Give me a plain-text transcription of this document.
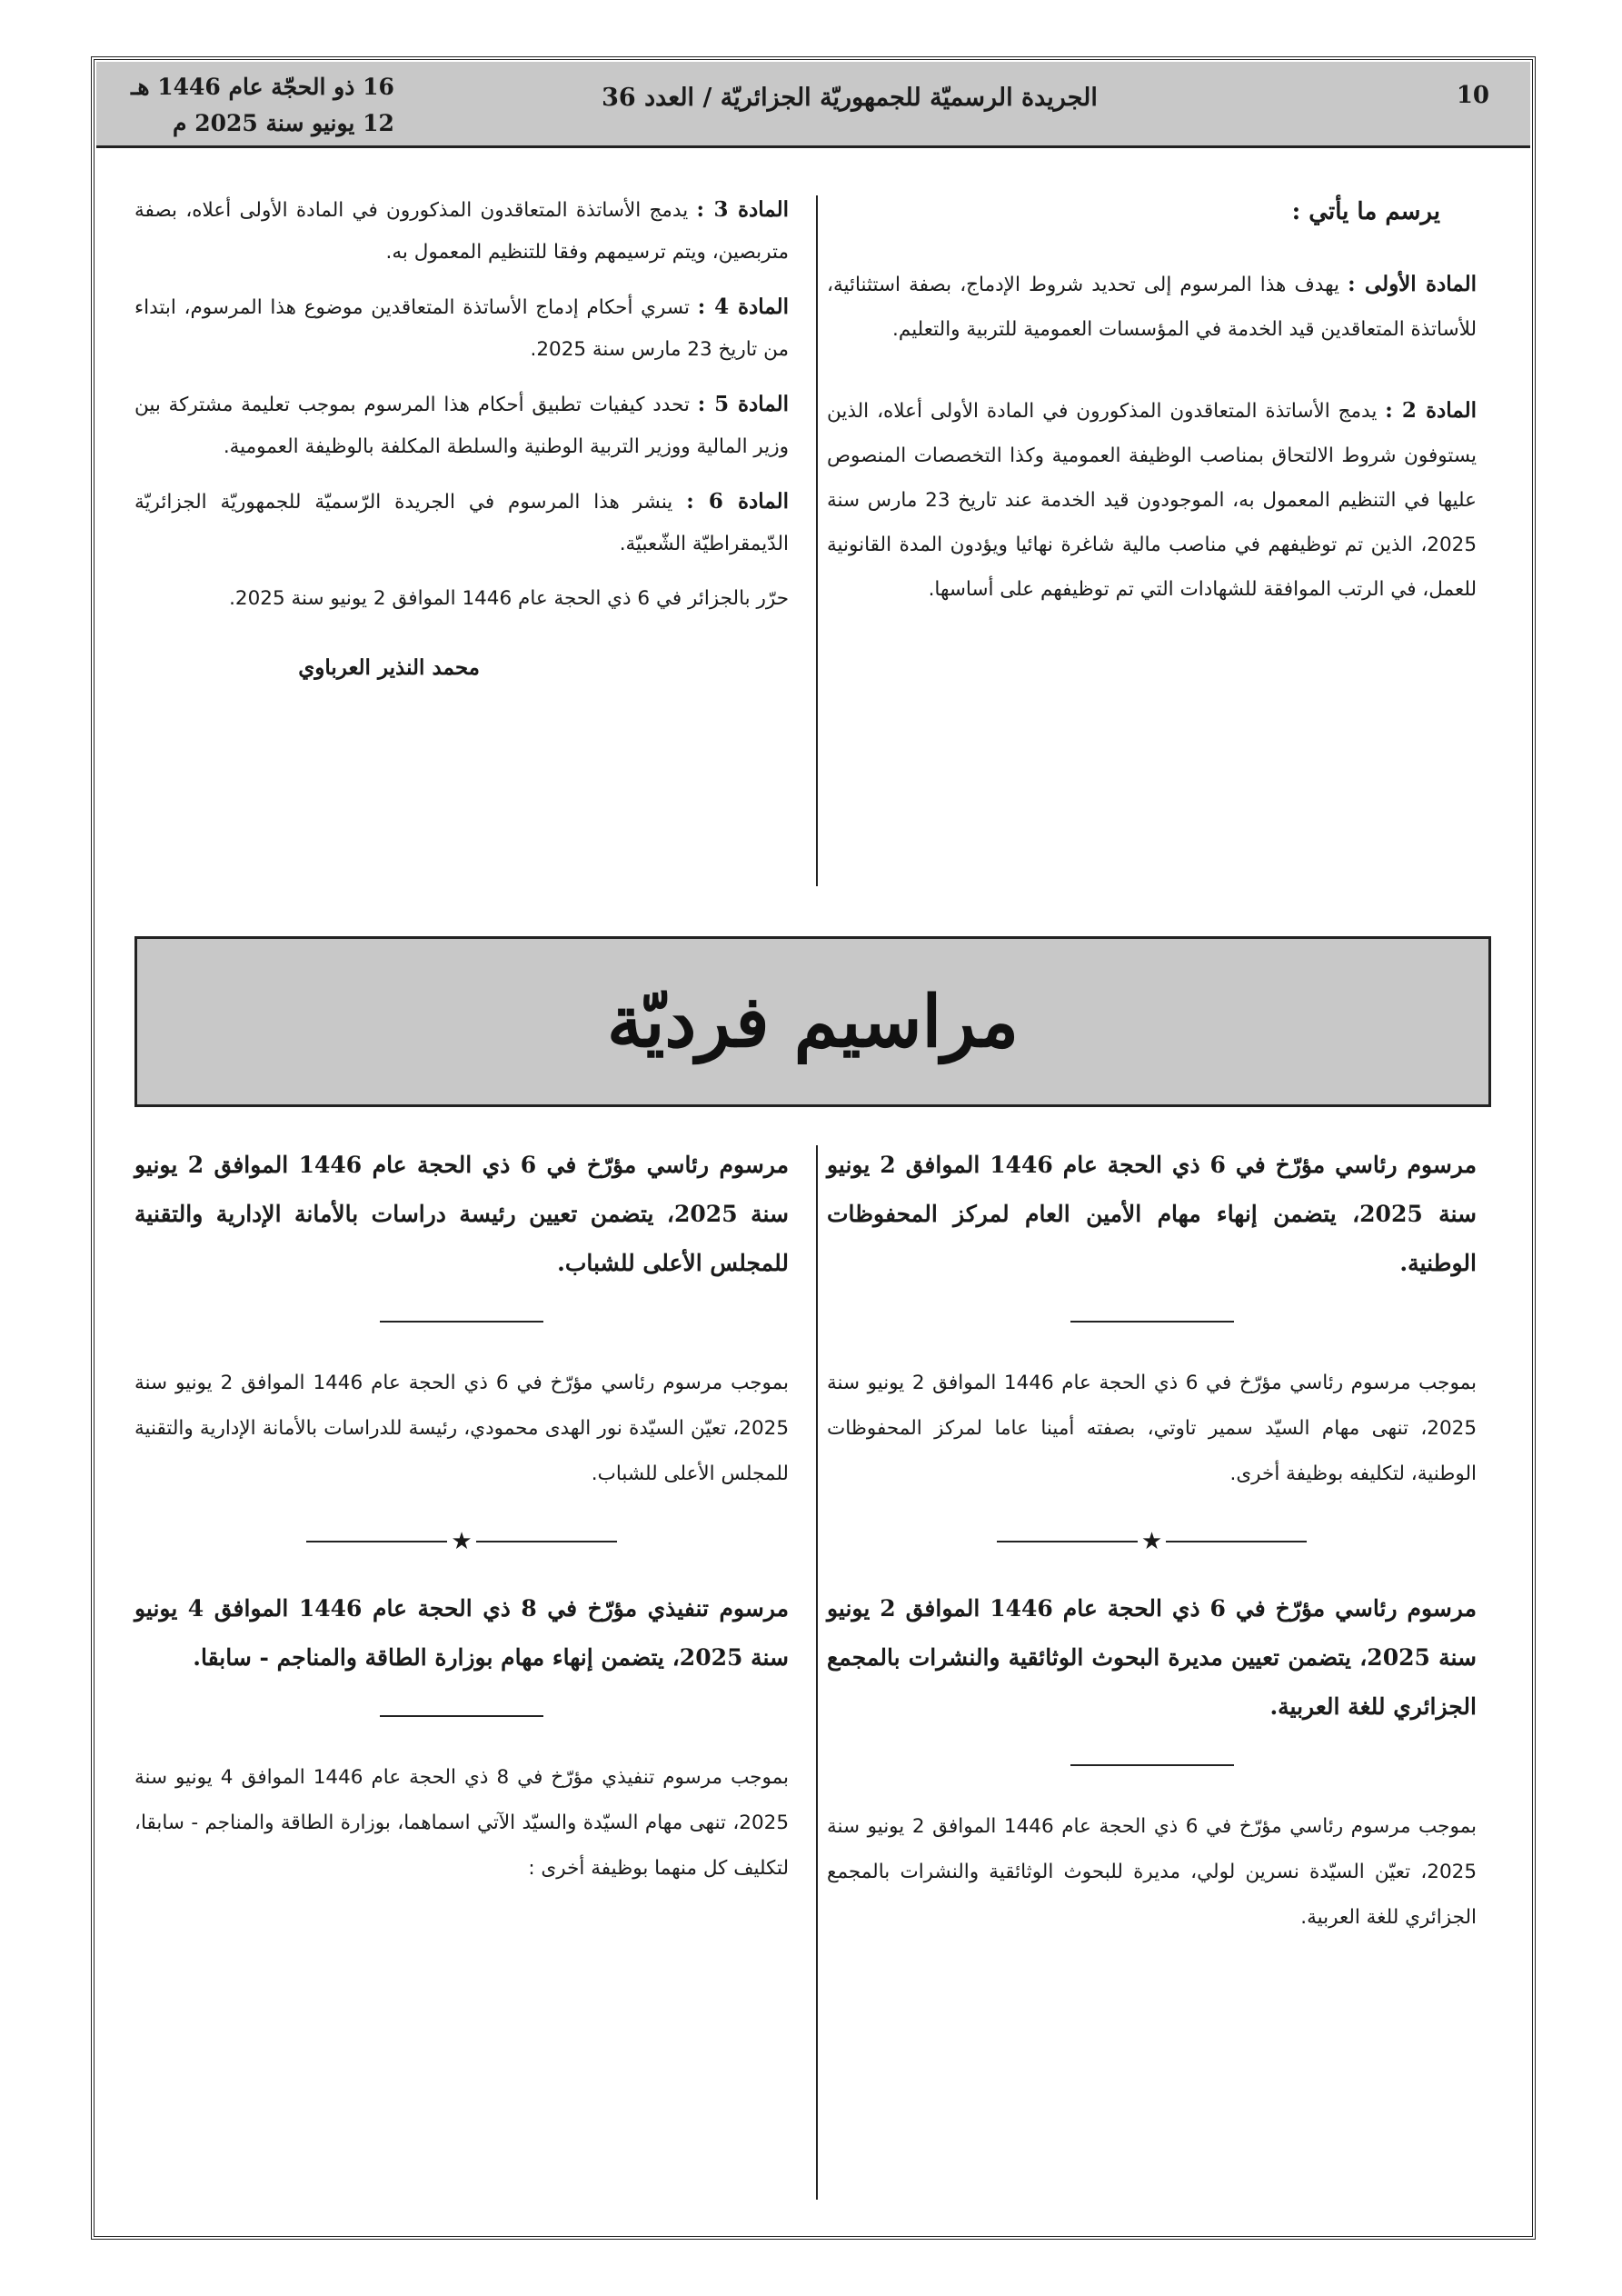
10
الجريدة الرسميّة للجمهوريّة الجزائريّة / العدد 36
16 ذو الحجّة عام 1446 هـ
12 يونيو سنة 2025 م
يرسم ما يأتي :
المادة الأولى : يهدف هذا المرسوم إلى تحديد شروط الإدماج، بصفة استثنائية، للأساتذة المتعاقدين قيد الخدمة في المؤسسات العمومية للتربية والتعليم.
المادة 2 : يدمج الأساتذة المتعاقدون المذكورون في المادة الأولى أعلاه، الذين يستوفون شروط الالتحاق بمناصب الوظيفة العمومية وكذا التخصصات المنصوص عليها في التنظيم المعمول به، الموجودون قيد الخدمة عند تاريخ 23 مارس سنة 2025، الذين تم توظيفهم في مناصب مالية شاغرة نهائيا ويؤدون المدة القانونية للعمل، في الرتب الموافقة للشهادات التي تم توظيفهم على أساسها.
المادة 3 : يدمج الأساتذة المتعاقدون المذكورون في المادة الأولى أعلاه، بصفة متربصين، ويتم ترسيمهم وفقا للتنظيم المعمول به.
المادة 4 : تسري أحكام إدماج الأساتذة المتعاقدين موضوع هذا المرسوم، ابتداء من تاريخ 23 مارس سنة 2025.
المادة 5 : تحدد كيفيات تطبيق أحكام هذا المرسوم بموجب تعليمة مشتركة بين وزير المالية ووزير التربية الوطنية والسلطة المكلفة بالوظيفة العمومية.
المادة 6 : ينشر هذا المرسوم في الجريدة الرّسميّة للجمهوريّة الجزائريّة الدّيمقراطيّة الشّعبيّة.
حرّر بالجزائر في 6 ذي الحجة عام 1446 الموافق 2 يونيو سنة 2025.
محمد النذير العرباوي
مراسيم فرديّة
مرسوم رئاسي مؤرّخ في 6 ذي الحجة عام 1446 الموافق 2 يونيو سنة 2025، يتضمن إنهاء مهام الأمين العام لمركز المحفوظات الوطنية.
بموجب مرسوم رئاسي مؤرّخ في 6 ذي الحجة عام 1446 الموافق 2 يونيو سنة 2025، تنهى مهام السيّد سمير تاوتي، بصفته أمينا عاما لمركز المحفوظات الوطنية، لتكليفه بوظيفة أخرى.
★
مرسوم رئاسي مؤرّخ في 6 ذي الحجة عام 1446 الموافق 2 يونيو سنة 2025، يتضمن تعيين مديرة البحوث الوثائقية والنشرات بالمجمع الجزائري للغة العربية.
بموجب مرسوم رئاسي مؤرّخ في 6 ذي الحجة عام 1446 الموافق 2 يونيو سنة 2025، تعيّن السيّدة نسرين لولي، مديرة للبحوث الوثائقية والنشرات بالمجمع الجزائري للغة العربية.
مرسوم رئاسي مؤرّخ في 6 ذي الحجة عام 1446 الموافق 2 يونيو سنة 2025، يتضمن تعيين رئيسة دراسات بالأمانة الإدارية والتقنية للمجلس الأعلى للشباب.
بموجب مرسوم رئاسي مؤرّخ في 6 ذي الحجة عام 1446 الموافق 2 يونيو سنة 2025، تعيّن السيّدة نور الهدى محمودي، رئيسة للدراسات بالأمانة الإدارية والتقنية للمجلس الأعلى للشباب.
★
مرسوم تنفيذي مؤرّخ في 8 ذي الحجة عام 1446 الموافق 4 يونيو سنة 2025، يتضمن إنهاء مهام بوزارة الطاقة والمناجم - سابقا.
بموجب مرسوم تنفيذي مؤرّخ في 8 ذي الحجة عام 1446 الموافق 4 يونيو سنة 2025، تنهى مهام السيّدة والسيّد الآتي اسماهما، بوزارة الطاقة والمناجم - سابقا، لتكليف كل منهما بوظيفة أخرى :
